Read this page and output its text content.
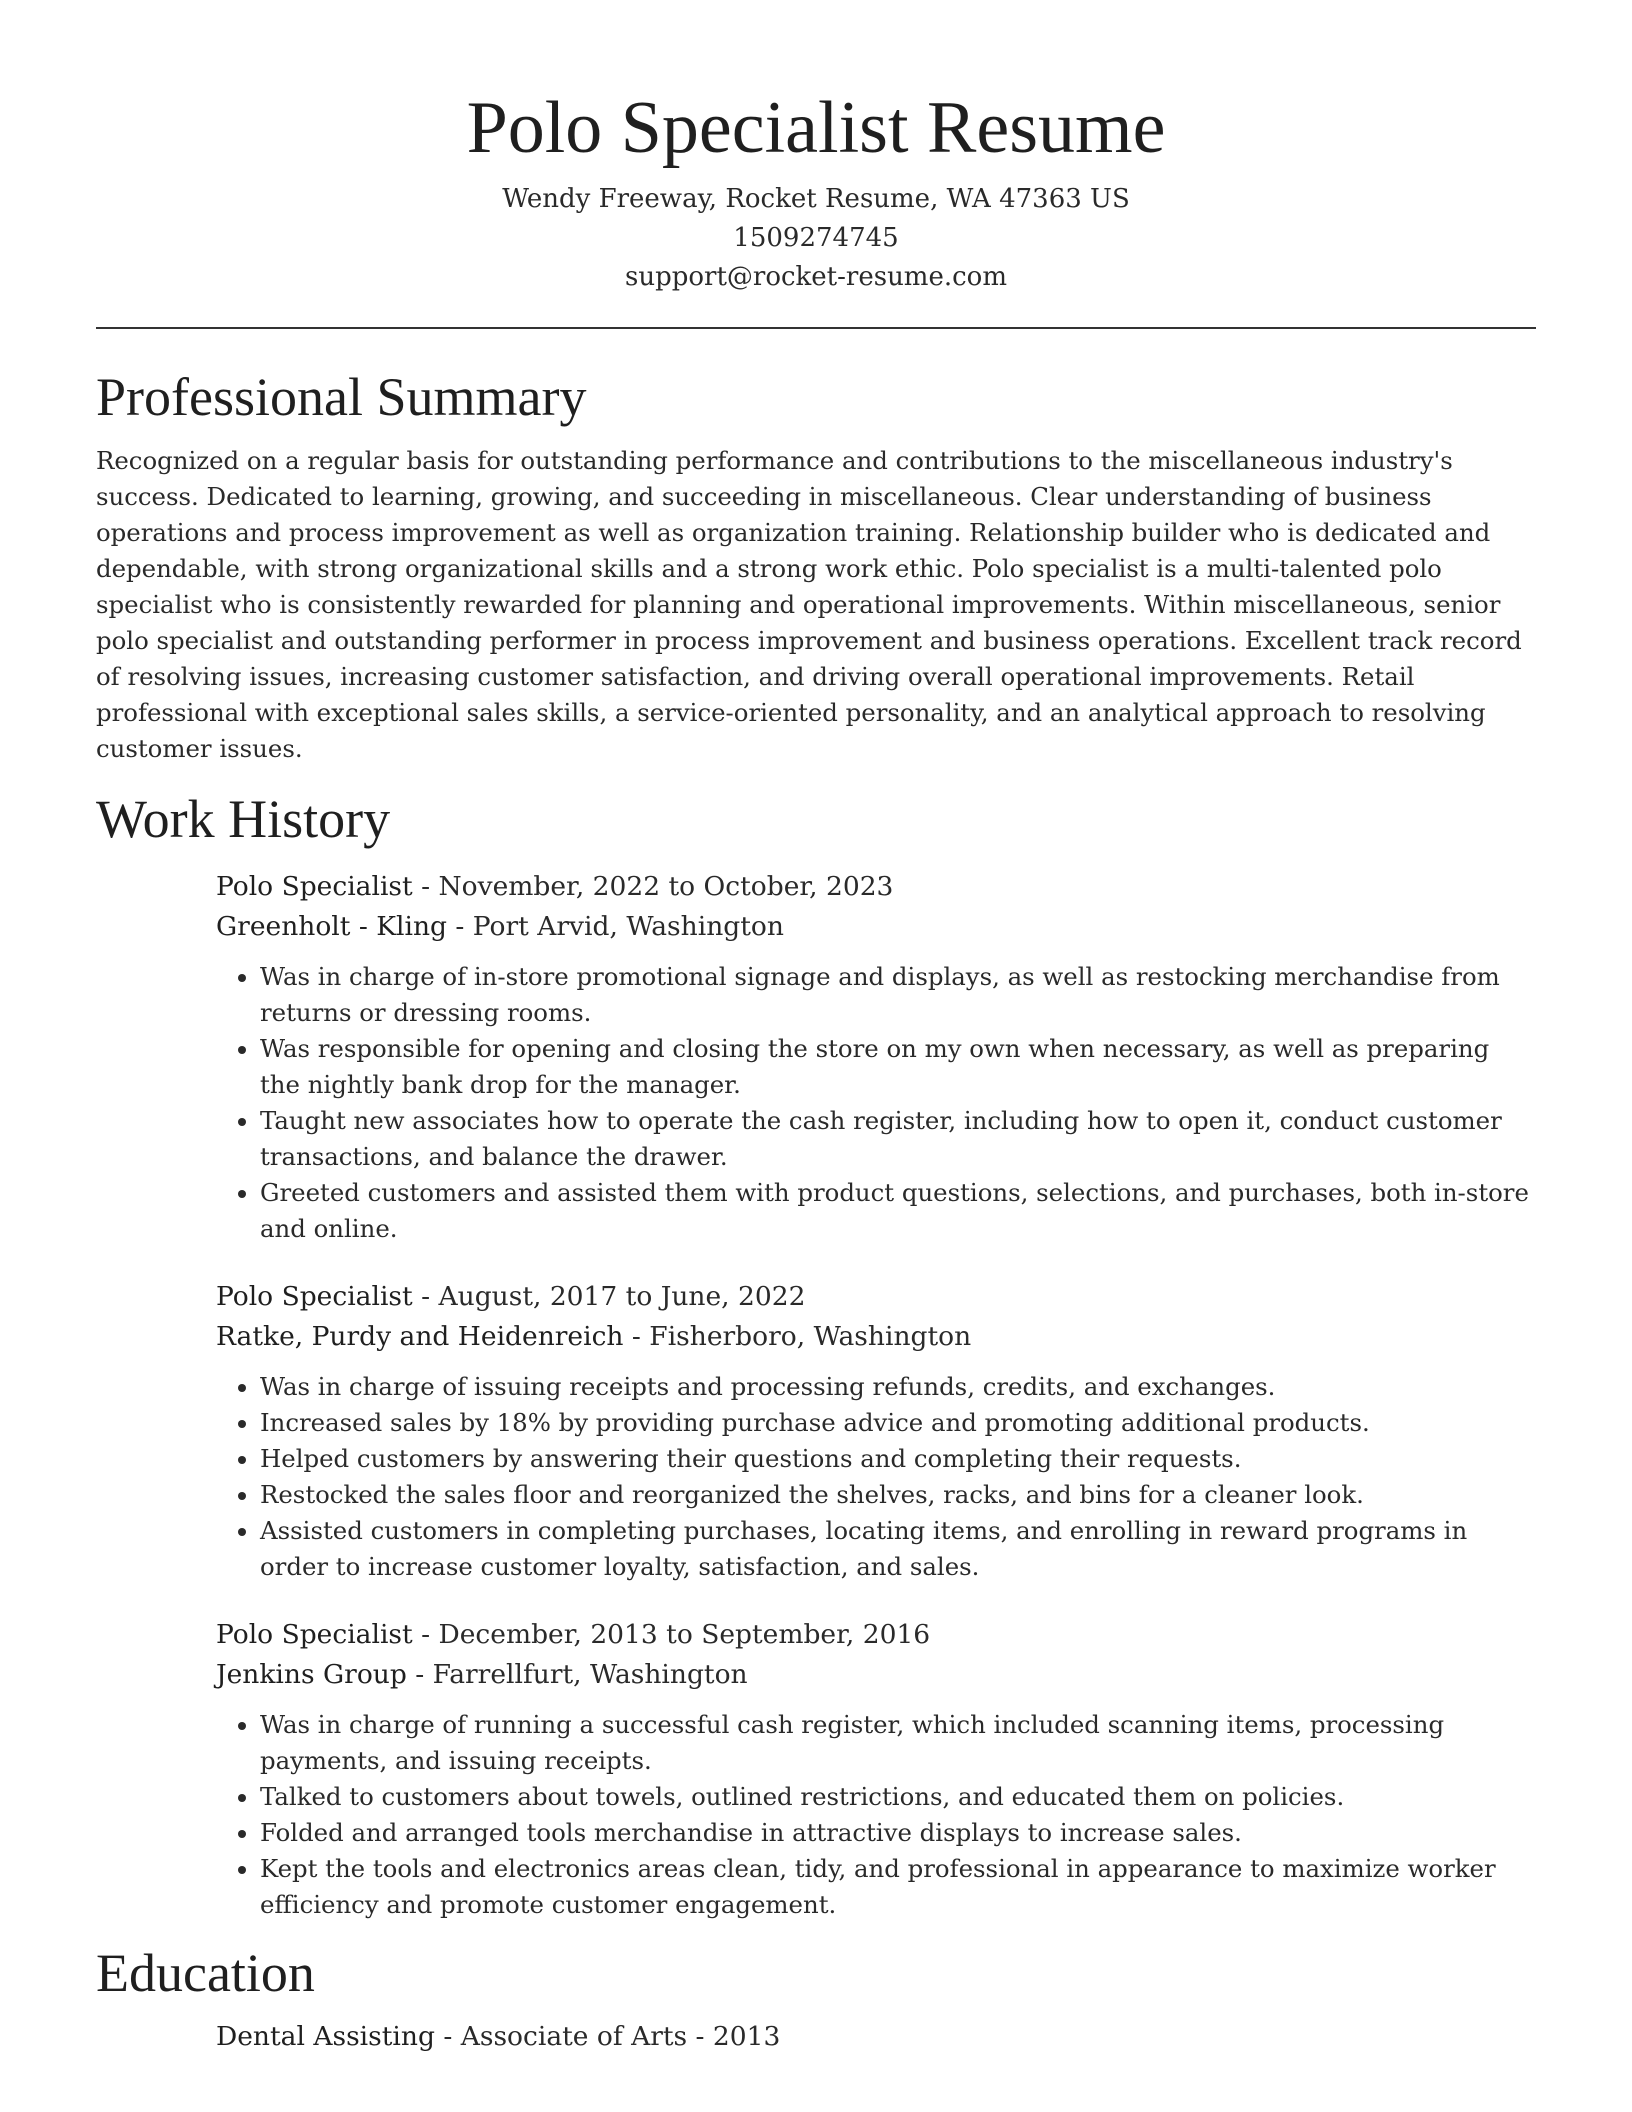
Polo Specialist Resume
Wendy Freeway, Rocket Resume, WA 47363 US
1509274745
support@rocket-resume.com
Professional Summary

Recognized on a regular basis for outstanding performance and contributions to the miscellaneous industry's success. Dedicated to learning, growing, and succeeding in miscellaneous. Clear understanding of business operations and process improvement as well as organization training. Relationship builder who is dedicated and dependable, with strong organizational skills and a strong work ethic. Polo specialist is a multi-talented polo specialist who is consistently rewarded for planning and operational improvements. Within miscellaneous, senior polo specialist and outstanding performer in process improvement and business operations. Excellent track record of resolving issues, increasing customer satisfaction, and driving overall operational improvements. Retail professional with exceptional sales skills, a service-oriented personality, and an analytical approach to resolving customer issues.

Work History
Polo Specialist - November, 2022 to October, 2023
Greenholt - Kling - Port Arvid, Washington
• Was in charge of in-store promotional signage and displays, as well as restocking merchandise from returns or dressing rooms.
• Was responsible for opening and closing the store on my own when necessary, as well as preparing the nightly bank drop for the manager.
• Taught new associates how to operate the cash register, including how to open it, conduct customer transactions, and balance the drawer.
• Greeted customers and assisted them with product questions, selections, and purchases, both in-store and online.
Polo Specialist - August, 2017 to June, 2022
Ratke, Purdy and Heidenreich - Fisherboro, Washington
• Was in charge of issuing receipts and processing refunds, credits, and exchanges.
• Increased sales by 18% by providing purchase advice and promoting additional products.
• Helped customers by answering their questions and completing their requests.
• Restocked the sales floor and reorganized the shelves, racks, and bins for a cleaner look.
• Assisted customers in completing purchases, locating items, and enrolling in reward programs in order to increase customer loyalty, satisfaction, and sales.
Polo Specialist - December, 2013 to September, 2016
Jenkins Group - Farrellfurt, Washington
• Was in charge of running a successful cash register, which included scanning items, processing payments, and issuing receipts.
• Talked to customers about towels, outlined restrictions, and educated them on policies.
• Folded and arranged tools merchandise in attractive displays to increase sales.
• Kept the tools and electronics areas clean, tidy, and professional in appearance to maximize worker efficiency and promote customer engagement.
Education
Dental Assisting - Associate of Arts - 2013
